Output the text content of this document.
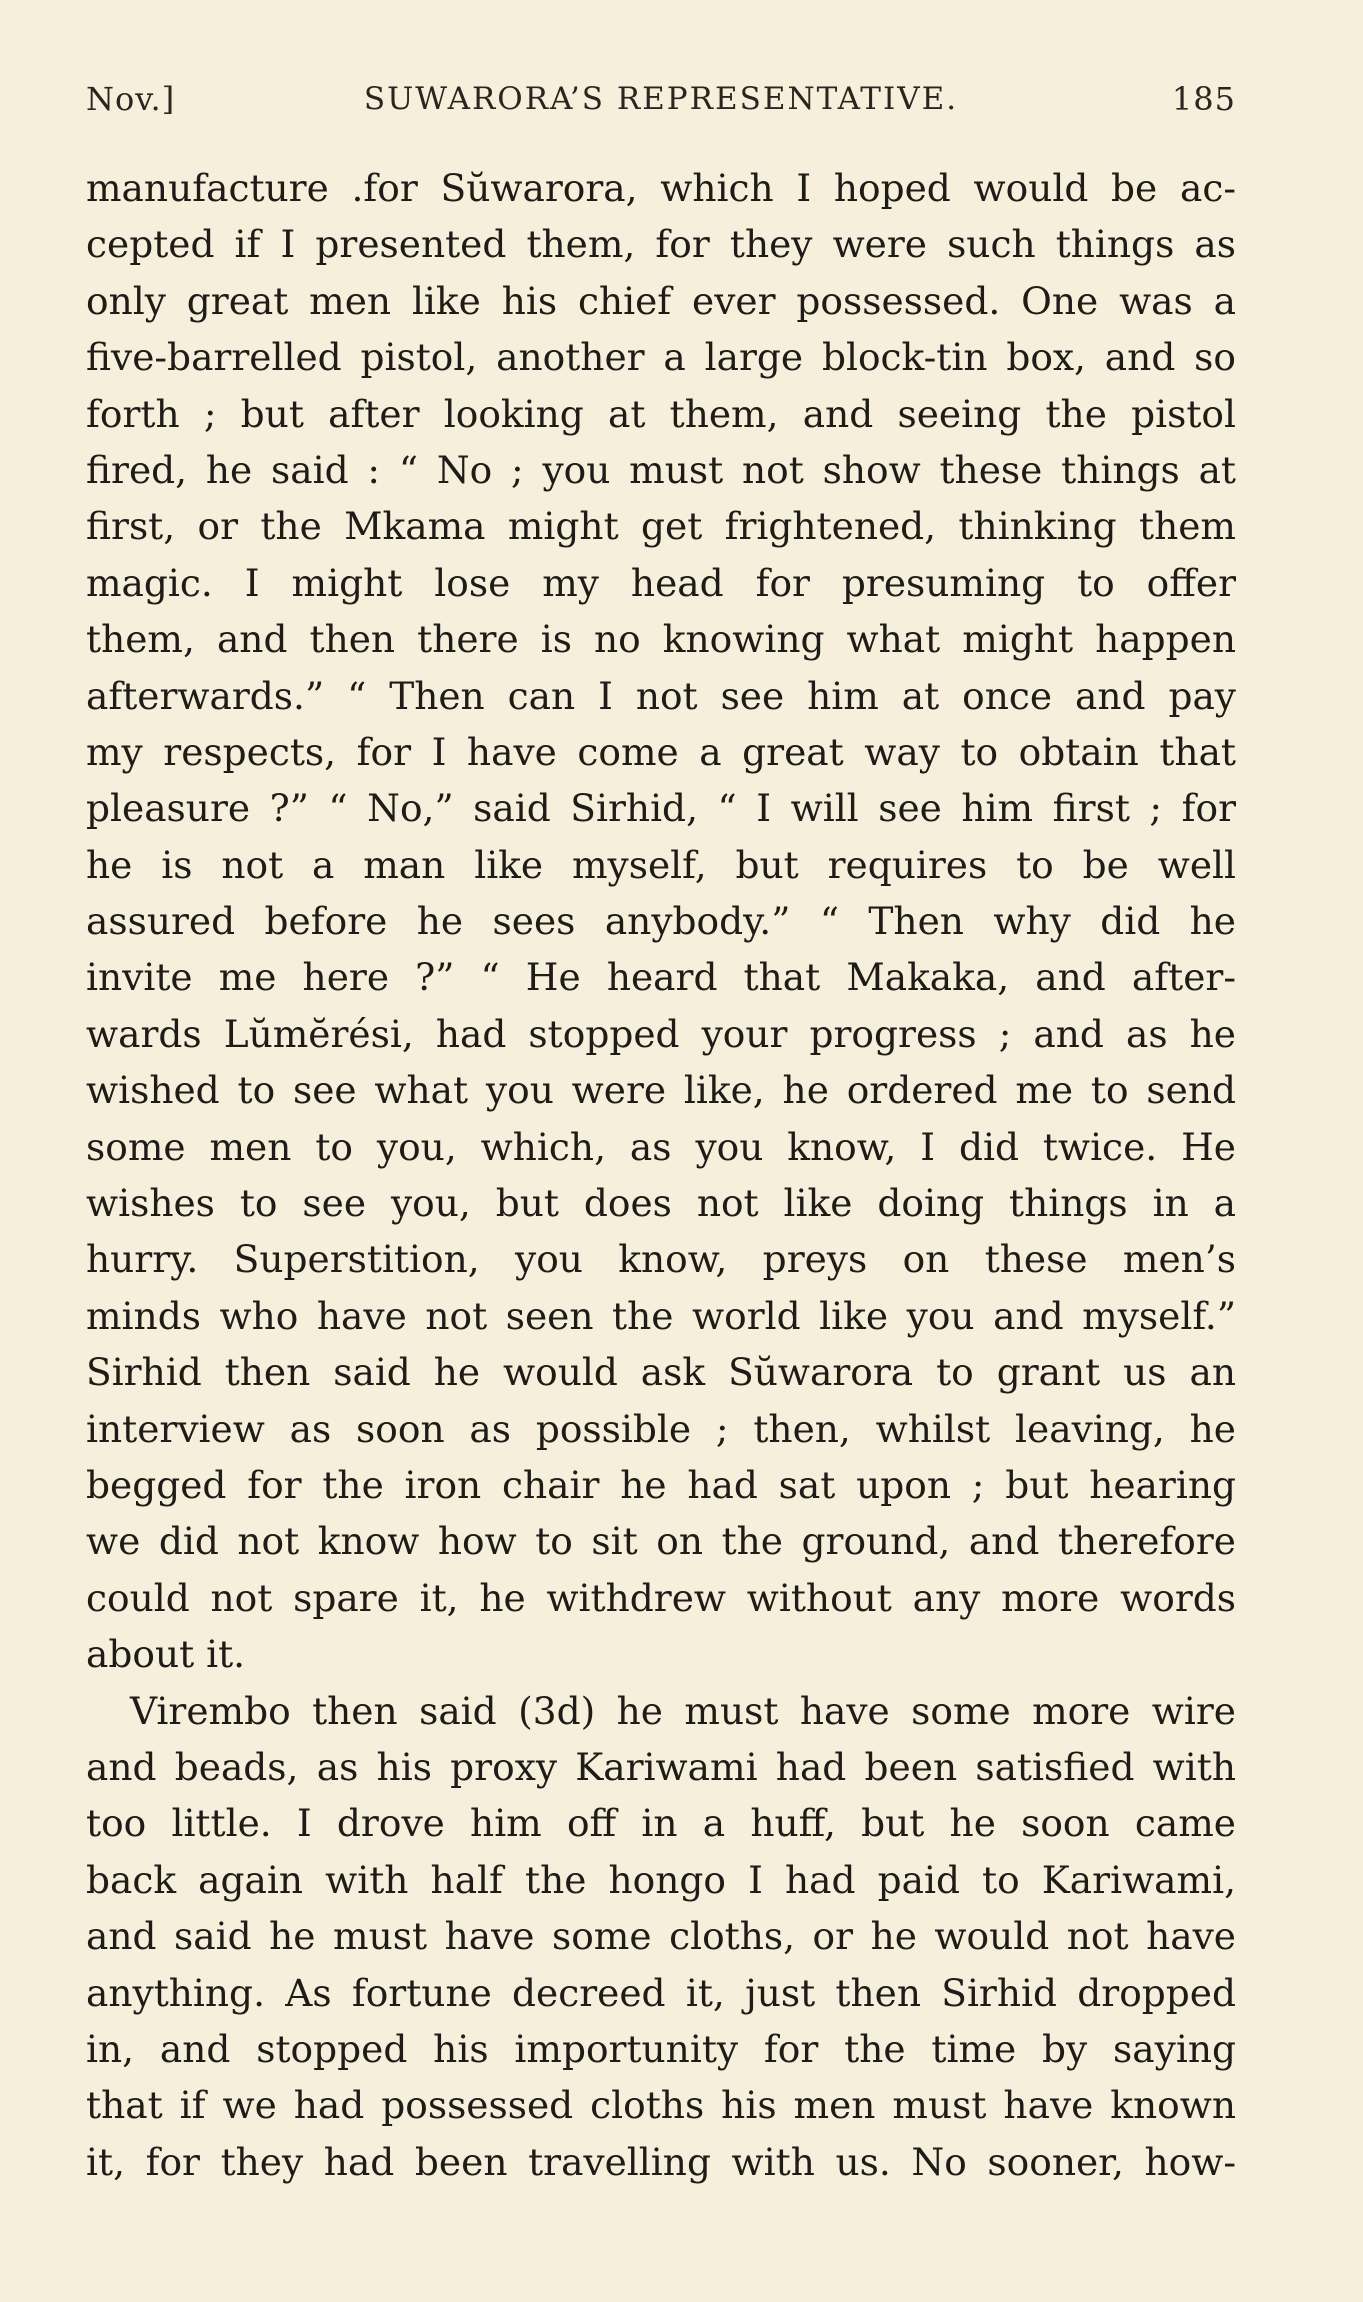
Nov.]	SUWARORA’S REPRESENTATIVE.	185
manufacture .for Sŭwarora, which I hoped would be ac-
cepted if I presented them, for they were such things as
only great men like his chief ever possessed. One was a
five-barrelled pistol, another a large block-tin box, and so
forth ; but after looking at them, and seeing the pistol
fired, he said : “ No ; you must not show these things at
first, or the Mkama might get frightened, thinking them
magic. I might lose my head for presuming to offer
them, and then there is no knowing what might happen
afterwards.” “ Then can I not see him at once and pay
my respects, for I have come a great way to obtain that
pleasure ?” “ No,” said Sirhid, “ I will see him first ; for
he is not a man like myself, but requires to be well
assured before he sees anybody.” “ Then why did he
invite me here ?” “ He heard that Makaka, and after-
wards Lŭmĕrési, had stopped your progress ; and as he
wished to see what you were like, he ordered me to send
some men to you, which, as you know, I did twice. He
wishes to see you, but does not like doing things in a
hurry. Superstition, you know, preys on these men’s
minds who have not seen the world like you and myself.”
Sirhid then said he would ask Sŭwarora to grant us an
interview as soon as possible ; then, whilst leaving, he
begged for the iron chair he had sat upon ; but hearing
we did not know how to sit on the ground, and therefore
could not spare it, he withdrew without any more words
about it.
Virembo then said (3d) he must have some more wire
and beads, as his proxy Kariwami had been satisfied with
too little. I drove him off in a huff, but he soon came
back again with half the hongo I had paid to Kariwami,
and said he must have some cloths, or he would not have
anything. As fortune decreed it, just then Sirhid dropped
in, and stopped his importunity for the time by saying
that if we had possessed cloths his men must have known
it, for they had been travelling with us. No sooner, how-
